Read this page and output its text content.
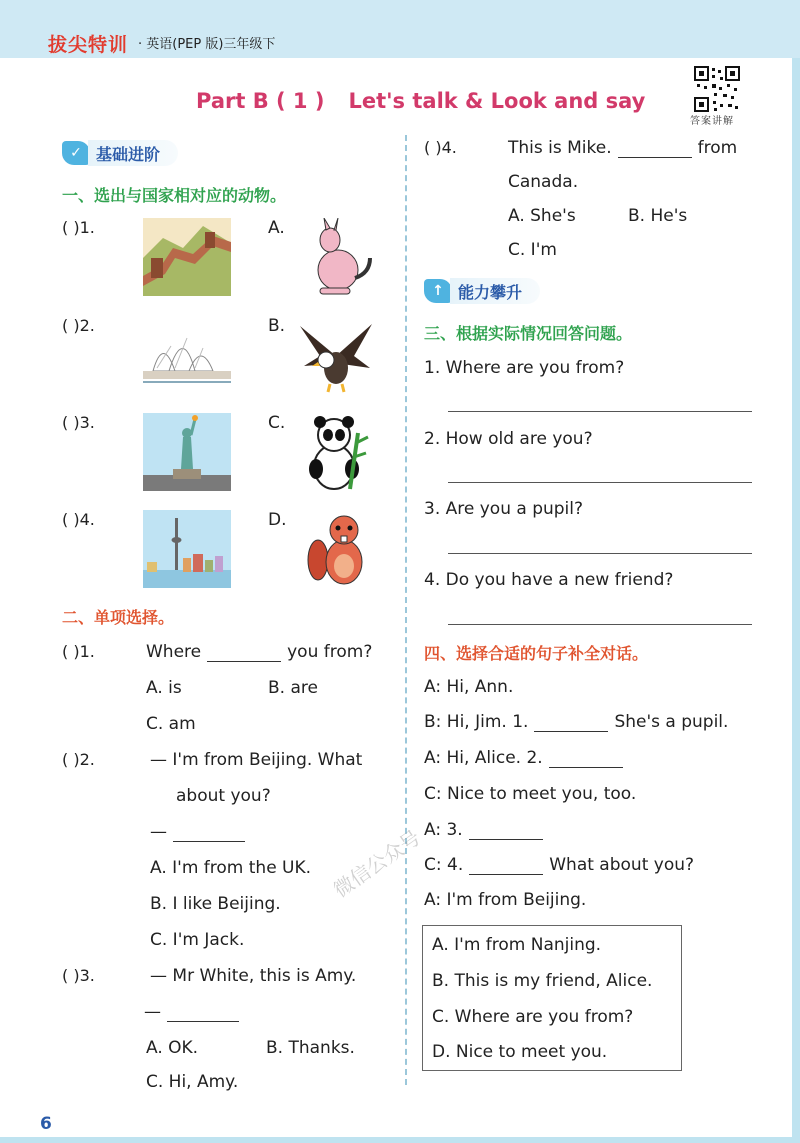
拔尖特训 · 英语(PEP 版)三年级下
Part B ( 1 ) Let's talk & Look and say
答案讲解
✓ 基础进阶
一、选出与国家相对应的动物。
( )1.	A.
( )2.	B.
( )3.	C.
( )4.	D.
二、单项选择。
( )1.	Where	you from?
A. is	B. are
C. am
( )2.	— I'm from Beijing. What
about you?
—
A. I'm from the UK.
B. I like Beijing.
C. I'm Jack.
( )3.	— Mr White, this is Amy.
—
A. OK.	B. Thanks.
C. Hi, Amy.
微信公众号
( )4.	This is Mike.	from
Canada.
A. She's	B. He's
C. I'm
↑ 能力攀升
三、根据实际情况回答问题。
1. Where are you from?
2. How old are you?
3. Are you a pupil?
4. Do you have a new friend?
四、选择合适的句子补全对话。
A: Hi, Ann.
B: Hi, Jim. 1.	She's a pupil.
A: Hi, Alice. 2.
C: Nice to meet you, too.
A: 3.
C: 4.	What about you?
A: I'm from Beijing.
A. I'm from Nanjing.
B. This is my friend, Alice.
C. Where are you from?
D. Nice to meet you.
6
